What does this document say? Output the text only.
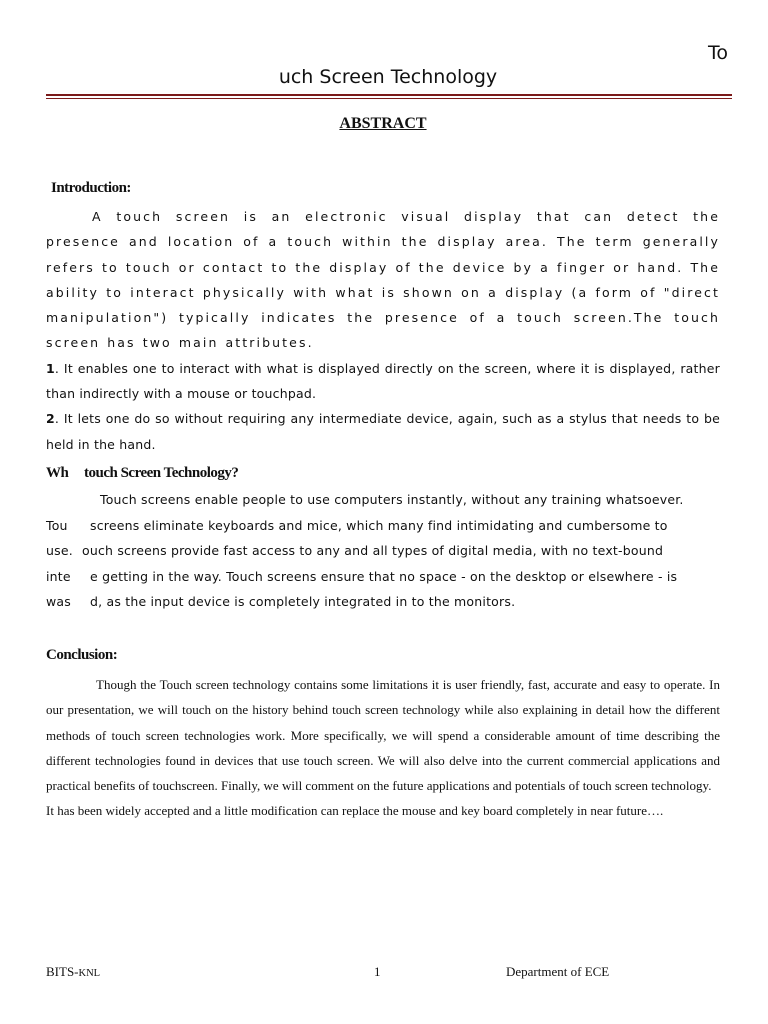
To
uch Screen Technology
ABSTRACT
Introduction:

A touch screen is an electronic visual display that can detect the presence and location of a touch within the display area. The term generally refers to touch or contact to the display of the device by a finger or hand. The ability to interact physically with what is shown on a display (a form of "direct manipulation") typically indicates the presence of a touch screen.The touch screen has two main attributes.

1. It enables one to interact with what is displayed directly on the screen, where it is displayed, rather than indirectly with a mouse or touchpad.

2. It lets one do so without requiring any intermediate device, again, such as a stylus that needs to be held in the hand.

Wh touch Screen Technology?
Touch screens enable people to use computers instantly, without any training whatsoever.
Tou screens eliminate keyboards and mice, which many find intimidating and cumbersome to
use. ouch screens provide fast access to any and all types of digital media, with no text-bound
inte e getting in the way. Touch screens ensure that no space - on the desktop or elsewhere - is
was d, as the input device is completely integrated in to the monitors.
Conclusion:

Though the Touch screen technology contains some limitations it is user friendly, fast, accurate and easy to operate. In our presentation, we will touch on the history behind touch screen technology while also explaining in detail how the different methods of touch screen technologies work. More specifically, we will spend a considerable amount of time describing the different technologies found in devices that use touch screen. We will also delve into the current commercial applications and practical benefits of touchscreen. Finally, we will comment on the future applications and potentials of touch screen technology.

It has been widely accepted and a little modification can replace the mouse and key board completely in near future….

BITS-KNL	1	Department of ECE
